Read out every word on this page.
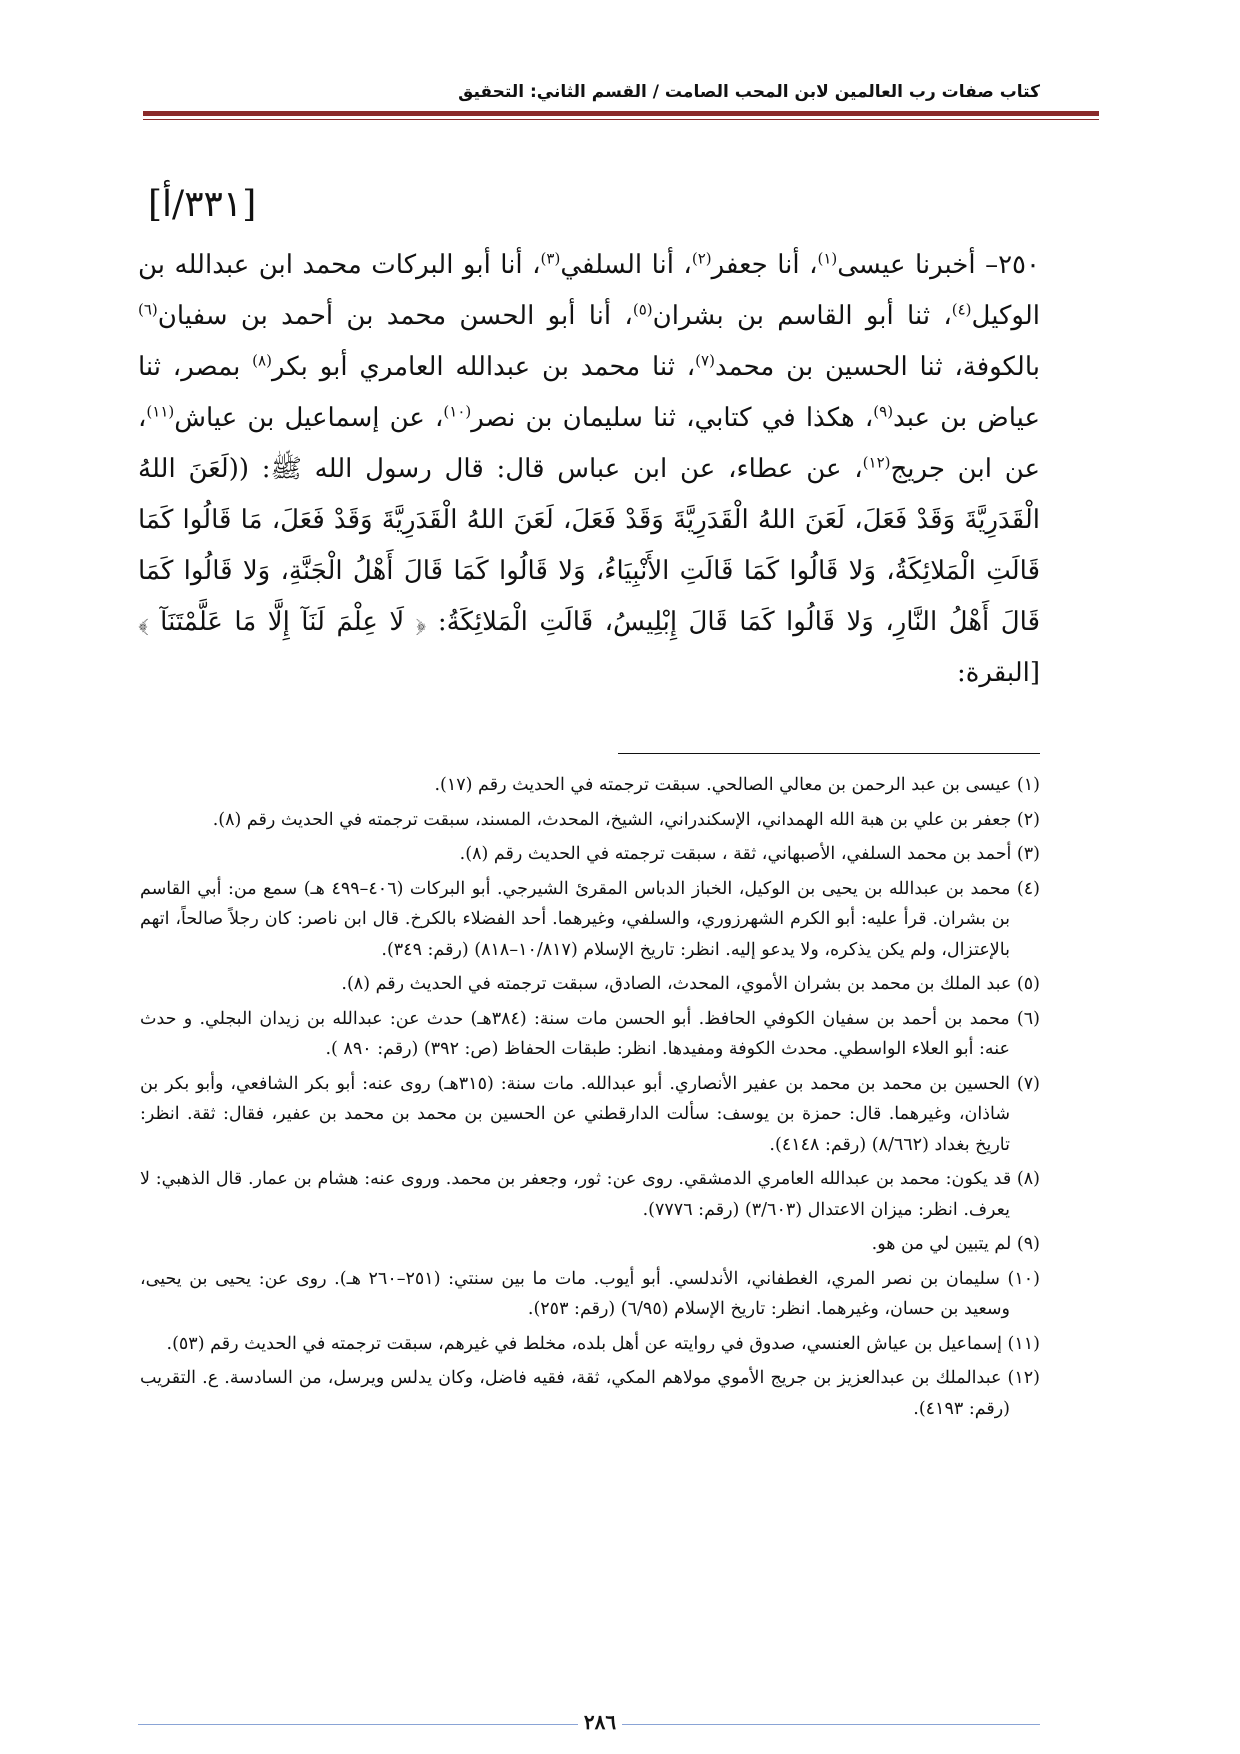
كتاب صفات رب العالمين لابن المحب الصامت / القسم الثاني: التحقيق
[٣٣١/أ]

٢٥٠– أخبرنا عيسى$^{(١)}$، أنا جعفر$^{(٢)}$، أنا السلفي$^{(٣)}$، أنا أبو البركات محمد ابن عبدالله بن الوكيل$^{(٤)}$، ثنا أبو القاسم بن بشران$^{(٥)}$، أنا أبو الحسن محمد بن أحمد بن سفيان$^{(٦)}$ بالكوفة، ثنا الحسين بن محمد$^{(٧)}$، ثنا محمد بن عبدالله العامري أبو بكر$^{(٨)}$ بمصر، ثنا عياض بن عبد$^{(٩)}$، هكذا في كتابي، ثنا سليمان بن نصر$^{(١٠)}$، عن إسماعيل بن عياش$^{(١١)}$، عن ابن جريج$^{(١٢)}$، عن عطاء، عن ابن عباس قال: قال رسول الله ﷺ: ((لَعَنَ اللهُ الْقَدَرِيَّةَ وَقَدْ فَعَلَ، لَعَنَ اللهُ الْقَدَرِيَّةَ وَقَدْ فَعَلَ، لَعَنَ اللهُ الْقَدَرِيَّةَ وَقَدْ فَعَلَ، مَا قَالُوا كَمَا قَالَتِ الْمَلائِكَةُ، وَلا قَالُوا كَمَا قَالَتِ الأَنْبِيَاءُ، وَلا قَالُوا كَمَا قَالَ أَهْلُ الْجَنَّةِ، وَلا قَالُوا كَمَا قَالَ أَهْلُ النَّارِ، وَلا قَالُوا كَمَا قَالَ إِبْلِيسُ، قَالَتِ الْمَلائِكَةُ: ﴿ لَا عِلْمَ لَنَآ إِلَّا مَا عَلَّمْتَنَآ ﴾ [البقرة:

(١) عيسى بن عبد الرحمن بن معالي الصالحي. سبقت ترجمته في الحديث رقم (١٧).

(٢) جعفر بن علي بن هبة الله الهمداني، الإسكندراني، الشيخ، المحدث، المسند، سبقت ترجمته في الحديث رقم (٨).

(٣) أحمد بن محمد السلفي، الأصبهاني، ثقة ، سبقت ترجمته في الحديث رقم (٨).

(٤) محمد بن عبدالله بن يحيى بن الوكيل، الخباز الدباس المقرئ الشيرجي. أبو البركات (٤٠٦–٤٩٩ هـ) سمع من: أبي القاسم بن بشران. قرأ عليه: أبو الكرم الشهرزوري، والسلفي، وغيرهما. أحد الفضلاء بالكرخ. قال ابن ناصر: كان رجلاً صالحاً، اتهم بالإعتزال، ولم يكن يذكره، ولا يدعو إليه. انظر: تاريخ الإسلام (١٠/٨١٧–٨١٨) (رقم: ٣٤٩).

(٥) عبد الملك بن محمد بن بشران الأموي، المحدث، الصادق، سبقت ترجمته في الحديث رقم (٨).

(٦) محمد بن أحمد بن سفيان الكوفي الحافظ. أبو الحسن مات سنة: (٣٨٤هـ) حدث عن: عبدالله بن زيدان البجلي. و حدث عنه: أبو العلاء الواسطي. محدث الكوفة ومفيدها. انظر: طبقات الحفاظ (ص: ٣٩٢) (رقم: ٨٩٠ ).

(٧) الحسين بن محمد بن محمد بن عفير الأنصاري. أبو عبدالله. مات سنة: (٣١٥هـ) روى عنه: أبو بكر الشافعي، وأبو بكر بن شاذان، وغيرهما. قال: حمزة بن يوسف: سألت الدارقطني عن الحسين بن محمد بن محمد بن عفير، فقال: ثقة. انظر: تاريخ بغداد (٨/٦٦٢) (رقم: ٤١٤٨).

(٨) قد يكون: محمد بن عبدالله العامري الدمشقي. روى عن: ثور، وجعفر بن محمد. وروى عنه: هشام بن عمار. قال الذهبي: لا يعرف. انظر: ميزان الاعتدال (٣/٦٠٣) (رقم: ٧٧٧٦).

(٩) لم يتبين لي من هو.

(١٠) سليمان بن نصر المري، الغطفاني، الأندلسي. أبو أيوب. مات ما بين سنتي: (٢٥١–٢٦٠ هـ). روى عن: يحيى بن يحيى، وسعيد بن حسان، وغيرهما. انظر: تاريخ الإسلام (٦/٩٥) (رقم: ٢٥٣).

(١١) إسماعيل بن عياش العنسي، صدوق في روايته عن أهل بلده، مخلط في غيرهم، سبقت ترجمته في الحديث رقم (٥٣).

(١٢) عبدالملك بن عبدالعزيز بن جريج الأموي مولاهم المكي، ثقة، فقيه فاضل، وكان يدلس ويرسل، من السادسة. ع. التقريب (رقم: ٤١٩٣).

٢٨٦
